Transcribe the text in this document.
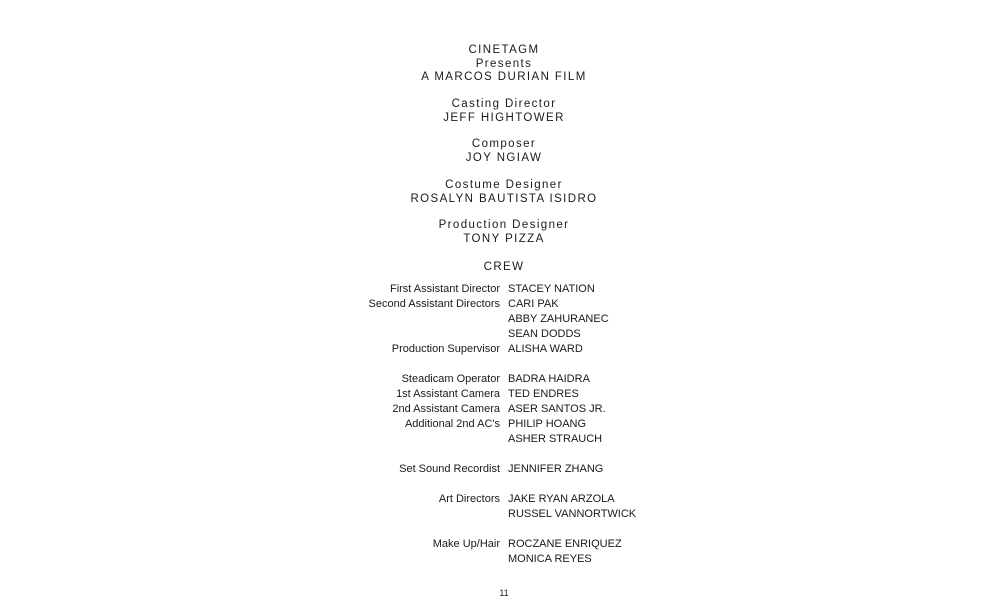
CINETAGM
Presents
A MARCOS DURIAN FILM
Casting Director
JEFF HIGHTOWER
Composer
JOY NGIAW
Costume Designer
ROSALYN BAUTISTA ISIDRO
Production Designer
TONY PIZZA
CREW
First Assistant Director STACEY NATION
Second Assistant Directors CARI PAK
ABBY ZAHURANEC
SEAN DODDS
Production Supervisor ALISHA WARD
Steadicam Operator BADRA HAIDRA
1st Assistant Camera TED ENDRES
2nd Assistant Camera ASER SANTOS JR.
Additional 2nd AC's PHILIP HOANG
ASHER STRAUCH
Set Sound Recordist JENNIFER ZHANG
Art Directors JAKE RYAN ARZOLA
RUSSEL VANNORTWICK
Make Up/Hair ROCZANE ENRIQUEZ
MONICA REYES
11
